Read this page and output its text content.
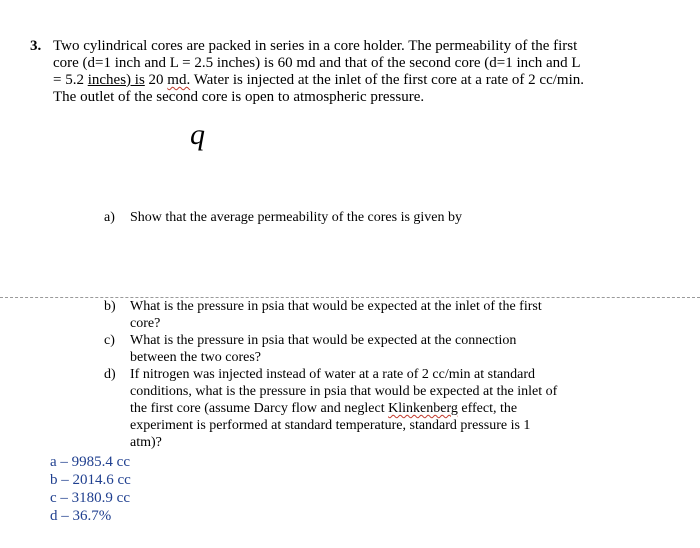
3. Two cylindrical cores are packed in series in a core holder. The permeability of the first
core (d=1 inch and L = 2.5 inches) is 60 md and that of the second core (d=1 inch and L
= 5.2 inches) is 20 md. Water is injected at the inlet of the first core at a rate of 2 cc/min.
The outlet of the second core is open to atmospheric pressure.
q
a) Show that the average permeability of the cores is given by
b) What is the pressure in psia that would be expected at the inlet of the first
core?
c) What is the pressure in psia that would be expected at the connection
between the two cores?
d) If nitrogen was injected instead of water at a rate of 2 cc/min at standard
conditions, what is the pressure in psia that would be expected at the inlet of
the first core (assume Darcy flow and neglect Klinkenberg effect, the
experiment is performed at standard temperature, standard pressure is 1
atm)?
a – 9985.4 cc
b – 2014.6 cc
c – 3180.9 cc
d – 36.7%
